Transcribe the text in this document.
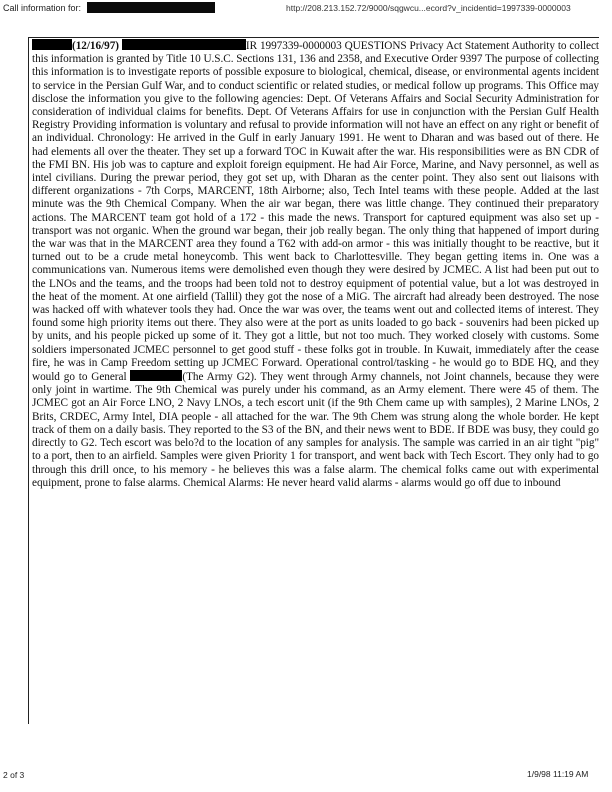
Call information for:	http://208.213.152.72/9000/sqgwcu...ecord?v_incidentid=1997339-0000003

(12/16/97)	IR 1997339-0000003 QUESTIONS Privacy Act Statement Authority to collect this information is granted by Title 10 U.S.C. Sections 131, 136 and 2358, and Executive Order 9397 The purpose of collecting this information is to investigate reports of possible exposure to biological, chemical, disease, or environmental agents incident to service in the Persian Gulf War, and to conduct scientific or related studies, or medical follow up programs. This Office may disclose the information you give to the following agencies: Dept. Of Veterans Affairs and Social Security Administration for consideration of individual claims for benefits. Dept. Of Veterans Affairs for use in conjunction with the Persian Gulf Health Registry Providing information is voluntary and refusal to provide information will not have an effect on any right or benefit of an individual. Chronology: He arrived in the Gulf in early January 1991. He went to Dharan and was based out of there. He had elements all over the theater. They set up a forward TOC in Kuwait after the war. His responsibilities were as BN CDR of the FMI BN. His job was to capture and exploit foreign equipment. He had Air Force, Marine, and Navy personnel, as well as intel civilians. During the prewar period, they got set up, with Dharan as the center point. They also sent out liaisons with different organizations - 7th Corps, MARCENT, 18th Airborne; also, Tech Intel teams with these people. Added at the last minute was the 9th Chemical Company. When the air war began, there was little change. They continued their preparatory actions. The MARCENT team got hold of a 172 - this made the news. Transport for captured equipment was also set up - transport was not organic. When the ground war began, their job really began. The only thing that happened of import during the war was that in the MARCENT area they found a T62 with add-on armor - this was initially thought to be reactive, but it turned out to be a crude metal honeycomb. This went back to Charlottesville. They began getting items in. One was a communications van. Numerous items were demolished even though they were desired by JCMEC. A list had been put out to the LNOs and the teams, and the troops had been told not to destroy equipment of potential value, but a lot was destroyed in the heat of the moment. At one airfield (Tallil) they got the nose of a MiG. The aircraft had already been destroyed. The nose was hacked off with whatever tools they had. Once the war was over, the teams went out and collected items of interest. They found some high priority items out there. They also were at the port as units loaded to go back - souvenirs had been picked up by units, and his people picked up some of it. They got a little, but not too much. They worked closely with customs. Some soldiers impersonated JCMEC personnel to get good stuff - these folks got in trouble. In Kuwait, immediately after the cease fire, he was in Camp Freedom setting up JCMEC Forward. Operational control/tasking - he would go to BDE HQ, and they would go to General	(The Army G2). They went through Army channels, not Joint channels, because they were only joint in wartime. The 9th Chemical was purely under his command, as an Army element. There were 45 of them. The JCMEC got an Air Force LNO, 2 Navy LNOs, a tech escort unit (if the 9th Chem came up with samples), 2 Marine LNOs, 2 Brits, CRDEC, Army Intel, DIA people - all attached for the war. The 9th Chem was strung along the whole border. He kept track of them on a daily basis. They reported to the S3 of the BN, and their news went to BDE. If BDE was busy, they could go directly to G2. Tech escort was belo?d to the location of any samples for analysis. The sample was carried in an air tight "pig" to a port, then to an airfield. Samples were given Priority 1 for transport, and went back with Tech Escort. They only had to go through this drill once, to his memory - he believes this was a false alarm. The chemical folks came out with experimental equipment, prone to false alarms. Chemical Alarms: He never heard valid alarms - alarms would go off due to inbound

2 of 3	1/9/98 11:19 AM
